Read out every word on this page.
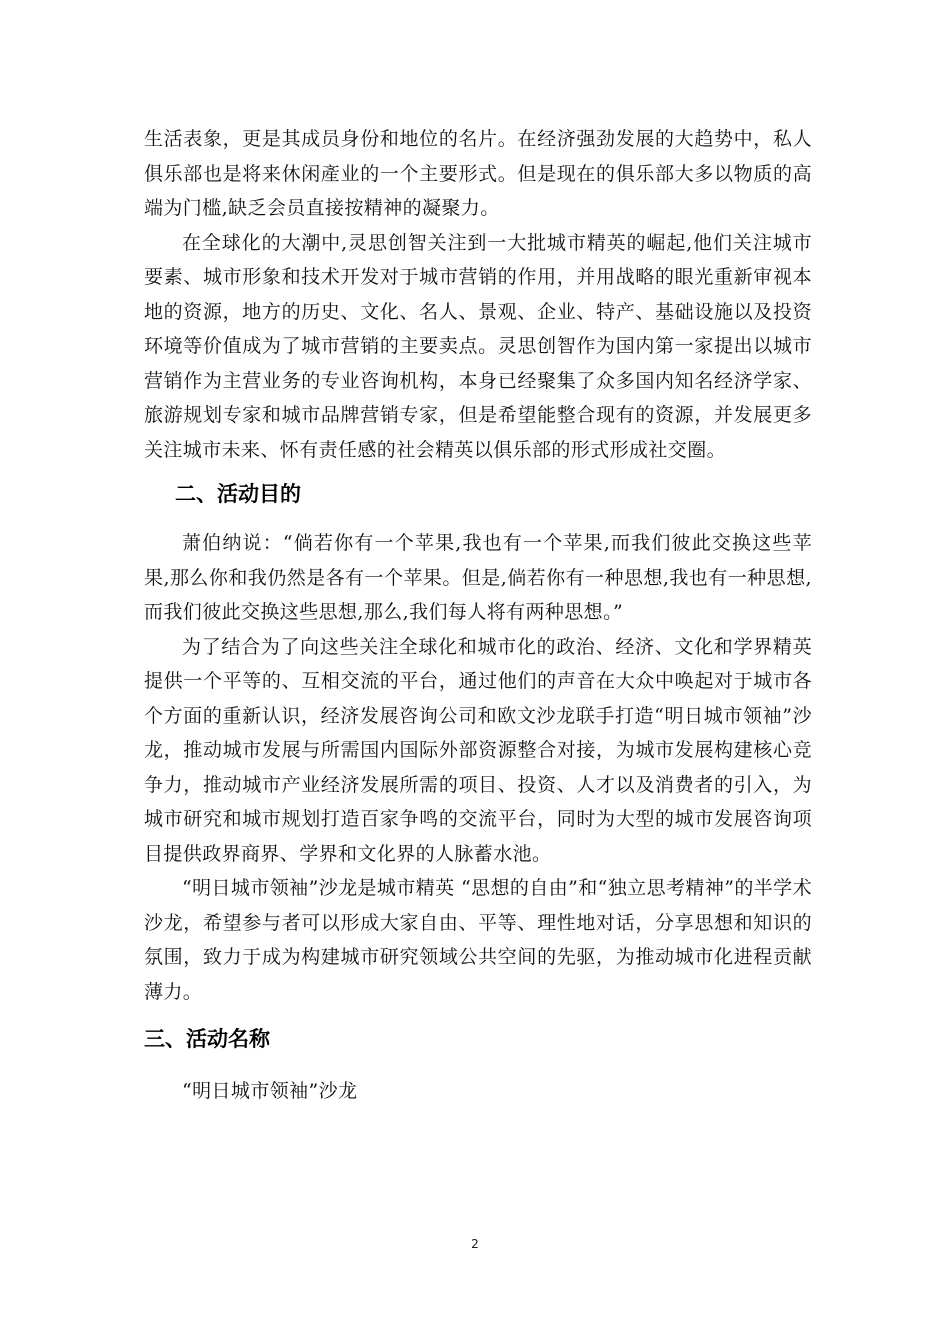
生活表象，更是其成员身份和地位的名片。在经济强劲发展的大趋势中，私人俱乐部也是将来休闲產业的一个主要形式。但是现在的俱乐部大多以物质的高端为门槛,缺乏会员直接按精神的凝聚力。

在全球化的大潮中,灵思创智关注到一大批城市精英的崛起,他们关注城市要素、城市形象和技术开发对于城市营销的作用，并用战略的眼光重新审视本地的资源，地方的历史、文化、名人、景观、企业、特产、基础设施以及投资环境等价值成为了城市营销的主要卖点。灵思创智作为国内第一家提出以城市营销作为主营业务的专业咨询机构，本身已经聚集了众多国内知名经济学家、旅游规划专家和城市品牌营销专家，但是希望能整合现有的资源，并发展更多关注城市未来、怀有责任感的社会精英以俱乐部的形式形成社交圈。

二、活动目的

萧伯纳说：“倘若你有一个苹果,我也有一个苹果,而我们彼此交换这些苹果,那么你和我仍然是各有一个苹果。但是,倘若你有一种思想,我也有一种思想,而我们彼此交换这些思想,那么,我们每人将有两种思想。”

为了结合为了向这些关注全球化和城市化的政治、经济、文化和学界精英提供一个平等的、互相交流的平台，通过他们的声音在大众中唤起对于城市各个方面的重新认识，经济发展咨询公司和欧文沙龙联手打造“明日城市领袖”沙龙，推动城市发展与所需国内国际外部资源整合对接，为城市发展构建核心竞争力，推动城市产业经济发展所需的项目、投资、人才以及消费者的引入，为城市研究和城市规划打造百家争鸣的交流平台，同时为大型的城市发展咨询项目提供政界商界、学界和文化界的人脉蓄水池。

“明日城市领袖”沙龙是城市精英 “思想的自由”和“独立思考精神”的半学术沙龙，希望参与者可以形成大家自由、平等、理性地对话，分享思想和知识的氛围，致力于成为构建城市研究领域公共空间的先驱，为推动城市化进程贡献薄力。

三、活动名称

“明日城市领袖”沙龙

2
